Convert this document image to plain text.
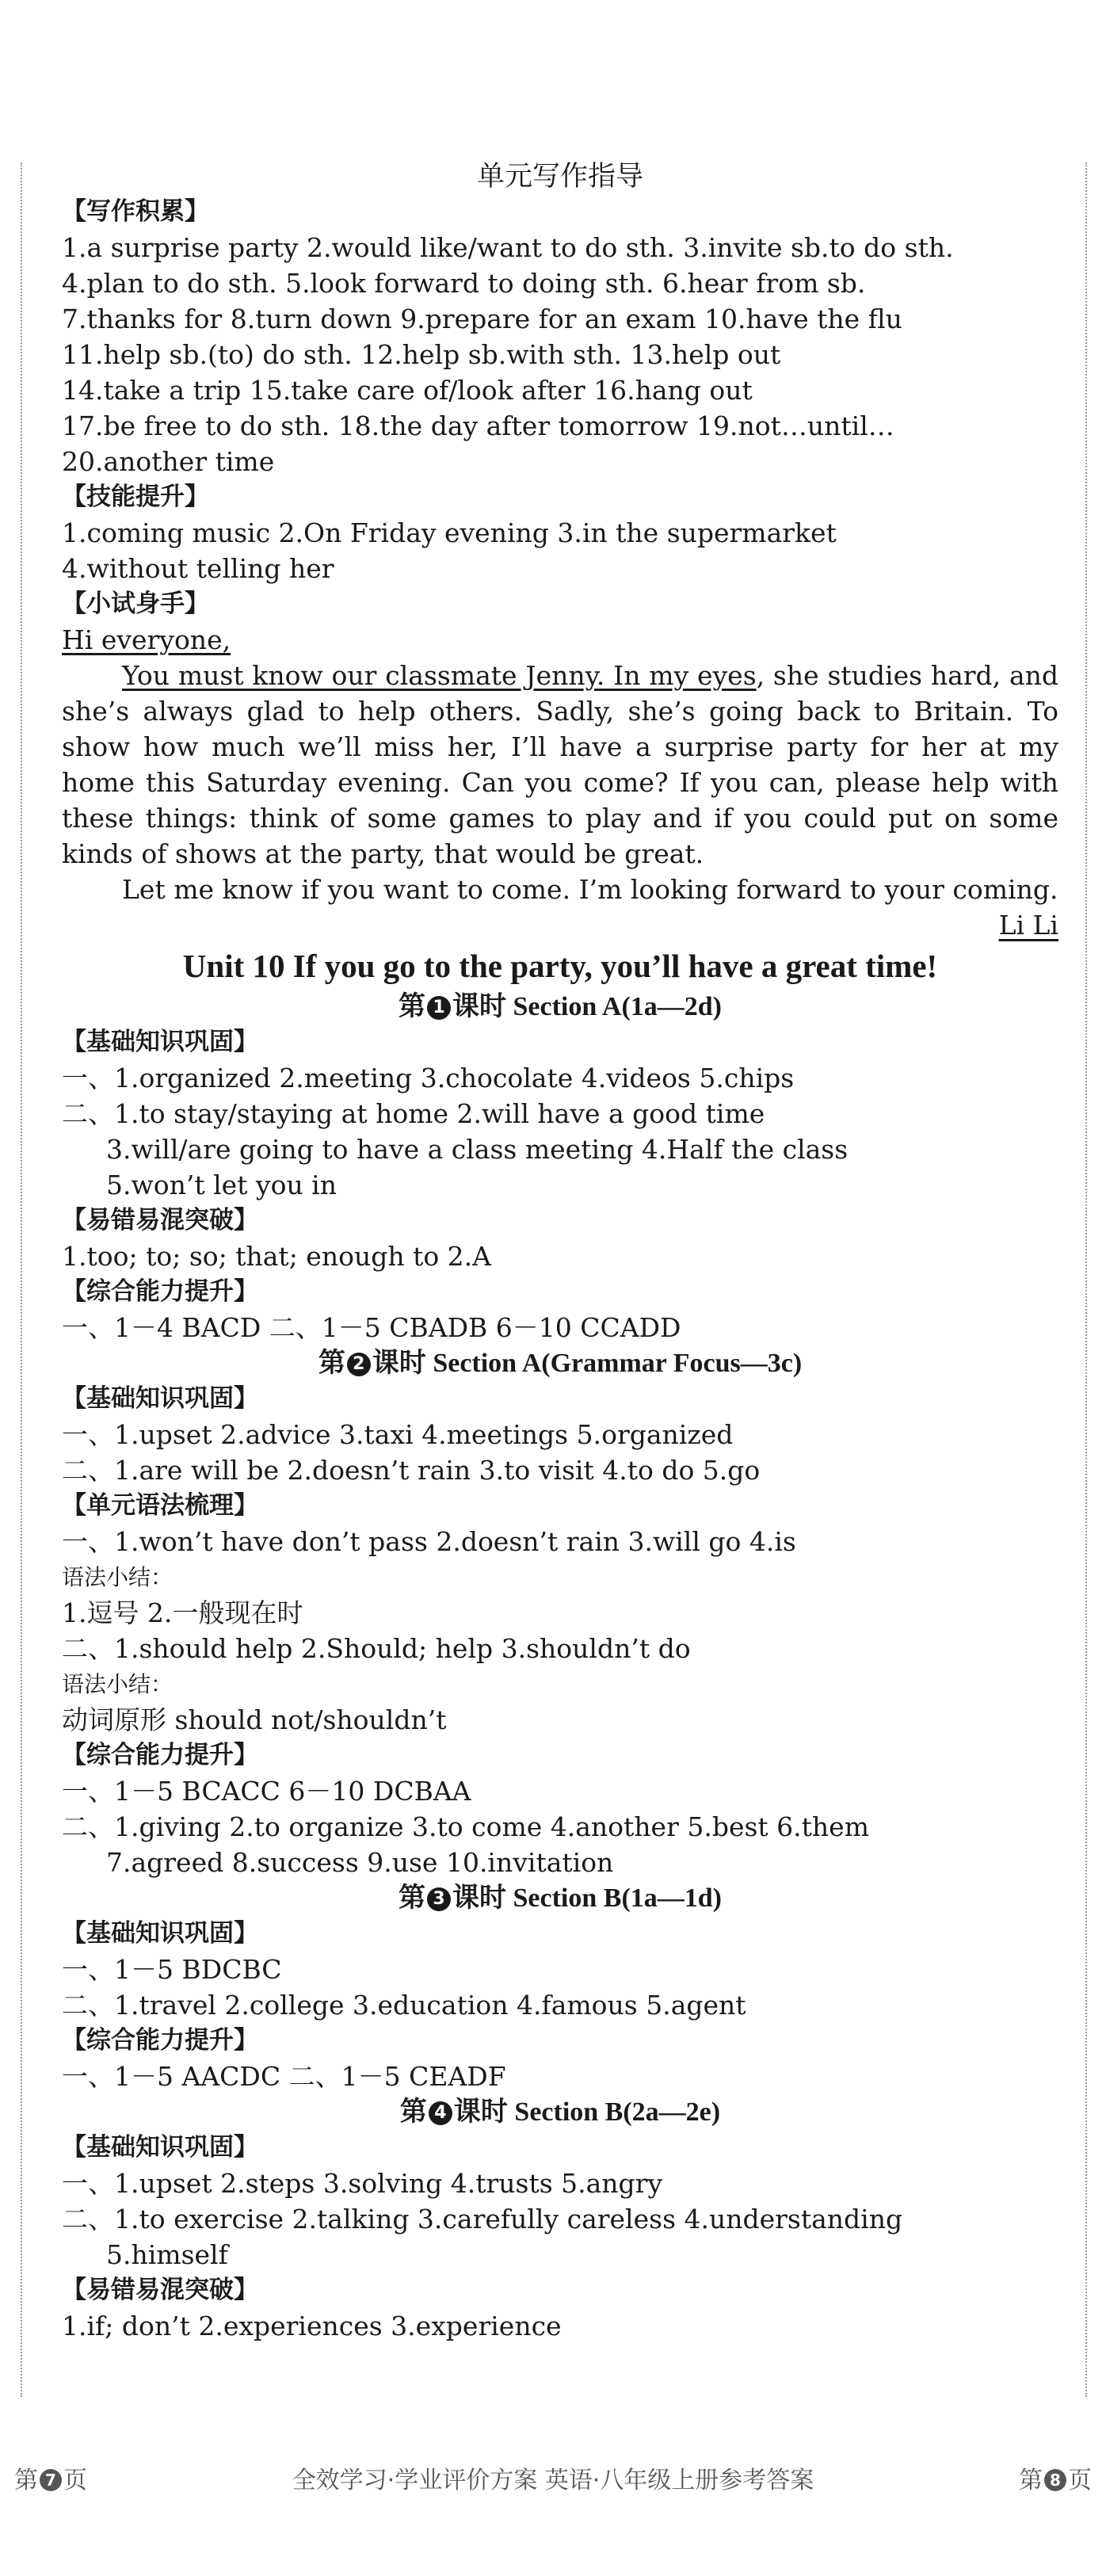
单元写作指导
【写作积累】
1.a surprise party 2.would like/want to do sth. 3.invite sb.to do sth.
4.plan to do sth. 5.look forward to doing sth. 6.hear from sb.
7.thanks for 8.turn down 9.prepare for an exam 10.have the flu
11.help sb.(to) do sth. 12.help sb.with sth. 13.help out
14.take a trip 15.take care of/look after 16.hang out
17.be free to do sth. 18.the day after tomorrow 19.not…until…
20.another time
【技能提升】
1.coming music 2.On Friday evening 3.in the supermarket
4.without telling her
【小试身手】
Hi everyone,
You must know our classmate Jenny. In my eyes, she studies hard, and she’s always glad to help others. Sadly, she’s going back to Britain. To show how much we’ll miss her, I’ll have a surprise party for her at my home this Saturday evening. Can you come? If you can, please help with these things: think of some games to play and if you could put on some kinds of shows at the party, that would be great.
Let me know if you want to come. I’m looking forward to your coming.
Li Li
Unit 10 If you go to the party, you’ll have a great time!
第 1 课时 Section A(1a—2d)
【基础知识巩固】
一、1.organized 2.meeting 3.chocolate 4.videos 5.chips
二、1.to stay/staying at home 2.will have a good time
3.will/are going to have a class meeting 4.Half the class
5.won’t let you in
【易错易混突破】
1.too; to; so; that; enough to 2.A
【综合能力提升】
一、1－4 BACD 二、1－5 CBADB 6－10 CCADD
第 2 课时 Section A(Grammar Focus—3c)
【基础知识巩固】
一、1.upset 2.advice 3.taxi 4.meetings 5.organized
二、1.are will be 2.doesn’t rain 3.to visit 4.to do 5.go
【单元语法梳理】
一、1.won’t have don’t pass 2.doesn’t rain 3.will go 4.is
语法小结：
1.逗号 2.一般现在时
二、1.should help 2.Should; help 3.shouldn’t do
语法小结：
动词原形 should not/shouldn’t
【综合能力提升】
一、1－5 BCACC 6－10 DCBAA
二、1.giving 2.to organize 3.to come 4.another 5.best 6.them
7.agreed 8.success 9.use 10.invitation
第 3 课时 Section B(1a—1d)
【基础知识巩固】
一、1－5 BDCBC
二、1.travel 2.college 3.education 4.famous 5.agent
【综合能力提升】
一、1－5 AACDC 二、1－5 CEADF
第 4 课时 Section B(2a—2e)
【基础知识巩固】
一、1.upset 2.steps 3.solving 4.trusts 5.angry
二、1.to exercise 2.talking 3.carefully careless 4.understanding
5.himself
【易错易混突破】
1.if; don’t 2.experiences 3.experience
第 7 页	全效学习·学业评价方案 英语·八年级上册参考答案	第 8 页
